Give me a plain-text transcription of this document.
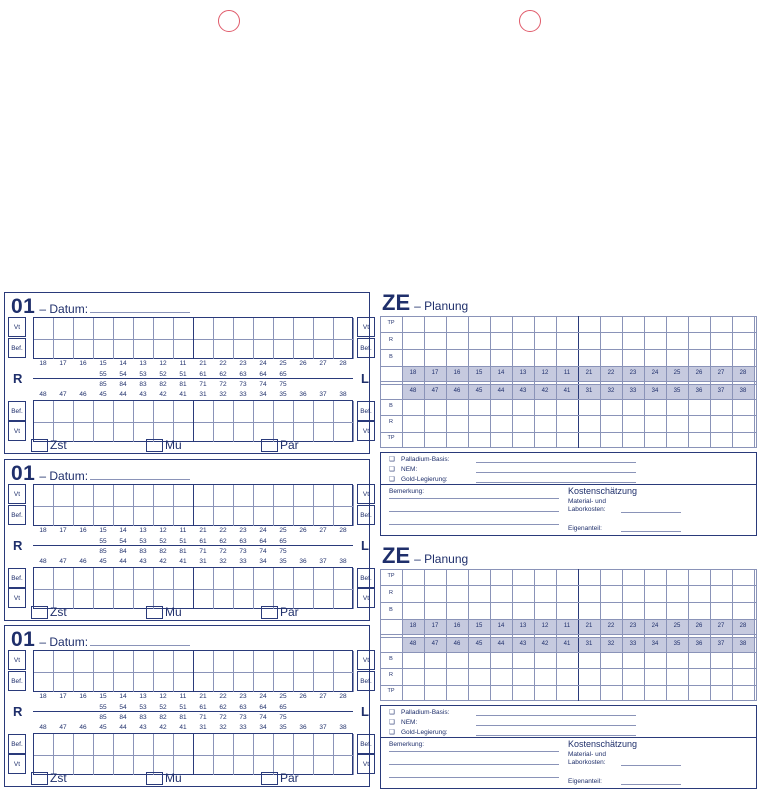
01 – Datum:
Vt	Vt
Bef.	Bef.
Bef.	Bef.
Vt	Vt
18	17	16	15	14	13	12	11	21	22	23	24	25	26	27	28
55	54	53	52	51	61	62	63	64	65
85	84	83	82	81	71	72	73	74	75
48	47	46	45	44	43	42	41	31	32	33	34	35	36	37	38
R	L
Zst	Mu	Par
01 – Datum:
Vt	Vt
Bef.	Bef.
Bef.	Bef.
Vt	Vt
18	17	16	15	14	13	12	11	21	22	23	24	25	26	27	28
55	54	53	52	51	61	62	63	64	65
85	84	83	82	81	71	72	73	74	75
48	47	46	45	44	43	42	41	31	32	33	34	35	36	37	38
R	L
Zst	Mu	Par
01 – Datum:
Vt	Vt
Bef.	Bef.
Bef.	Bef.
Vt	Vt
18	17	16	15	14	13	12	11	21	22	23	24	25	26	27	28
55	54	53	52	51	61	62	63	64	65
85	84	83	82	81	71	72	73	74	75
48	47	46	45	44	43	42	41	31	32	33	34	35	36	37	38
R	L
Zst	Mu	Par
ZE – Planung
TP
R
B
B
R
TP
18	17	16	15	14	13	12	11	21	22	23	24	25	26	27	28
48	47	46	45	44	43	42	41	31	32	33	34	35	36	37	38
❑ Palladium-Basis:
❑ NEM:
❑ Gold-Legierung:
Bemerkung:	Kostenschätzung
Material- und
Laborkosten:
Eigenanteil:
ZE – Planung
TP
R
B
B
R
TP
18	17	16	15	14	13	12	11	21	22	23	24	25	26	27	28
48	47	46	45	44	43	42	41	31	32	33	34	35	36	37	38
❑ Palladium-Basis:
❑ NEM:
❑ Gold-Legierung:
Bemerkung:	Kostenschätzung
Material- und
Laborkosten:
Eigenanteil:
